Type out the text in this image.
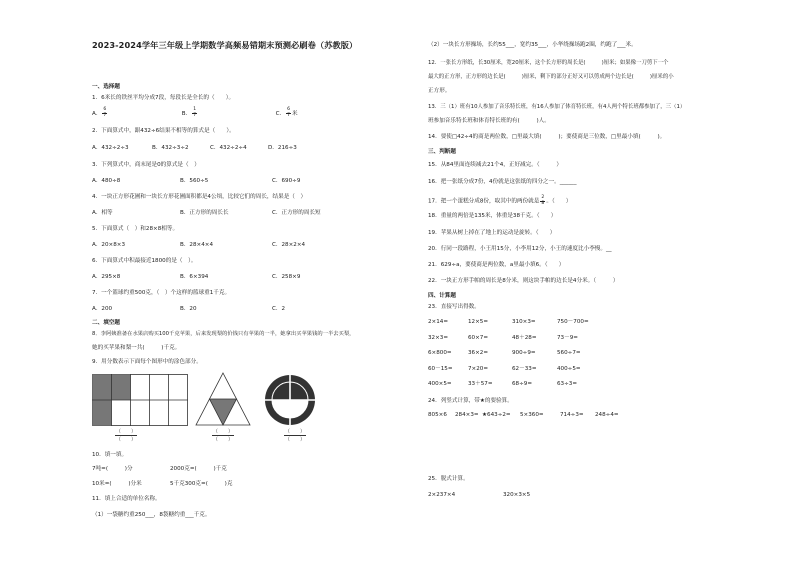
2023-2024学年三年级上学期数学高频易错期末预测必刷卷（苏教版）
一、选择题
1．6米长的铁丝平均分成7段，每段长是全长的（　　）。
A． $\frac{6}{7}$	B． $\frac{1}{7}$	C． $\frac{6}{7}$ 米
2．下面算式中，跟432÷6结果不相等的算式是（　　）。
A．432÷2÷3	B．432÷3÷2	C．432÷2÷4	D．216÷3
3．下列算式中，商末尾是0的算式是（　）
A．480÷8	B．560÷5	C．690÷9
4．一块正方形花圃和一块长方形花圃面积都是4公顷，比较它们的周长，结果是（　）
A．相等	B．正方形的周长长	C．正方形的周长短
5．下面算式（　）和28×8相等。
A．20×8×3	B．28×4×4	C．28×2×4
6．下面算式中积最接近1800的是（　）。
A．295×8	B．6×394	C．258×9
7．一个篮球约重500克，（　）个这样的篮球重1千克。
A．200	B．20	C．2
二、填空题
8．李阿姨准备在水果店购买100千克苹果，后来发现梨的价钱只有苹果的一半，她拿出买苹果钱的一半去买梨，
她的买苹果和梨一共(　　　)千克。
9．用分数表示下面每个图形中的涂色部分。
（　　）
（　　）
（　　）
（　　）
（　　）
（　　）
10．填一填。
7吨=(　　　)分	2000克=(　　　)千克
10米=(　　　)分米	5千克300克=(　　　)克
11．填上合适的单位名称。
（1）一袋糖约重250___，8袋糖约重___千克。
（2）一块长方形操场，长约55___，宽约35___，小华绕操场跑2圈，约跑了___米。
12．一张长方形纸，长30厘米，宽20厘米，这个长方形的周长是(　　　)厘米；如果像一刀剪下一个
最大的正方形，正方形的边长是(　　　)厘米，剩下的部分正好又可以剪成两个边长是(　　　)厘米的小
正方形。
13．三（1）班有10人参加了音乐特长班，有16人参加了体育特长班，有4人两个特长班都参加了，三（1）
班参加音乐特长班和体育特长班的有(　　　)人。
14．要使□42÷4的商是两位数，□里最大填(　　　)；要使商是三位数，□里最小填(　　　)。
三、判断题
15．从84里面连续减去21个4，正好减完。（　　　）
16．把一张纸分成7份，4份就是这张纸的四分之一。______
17．把一个蛋糕分成8份，取其中的两份就是 $\frac{2}{8}$ 。（　　）
18．重量的两倍是135米，体重是38千克。（　　）
19．苹果从树上掉在了地上的运动是旋转。（　　）
20．行同一段路程，小王用15分，小李用12分，小王的速度比小李慢。__
21．629÷a，要使商是两位数，a里最小填6。（　　）
22．一块正方形手帕的周长是8分米，则这块手帕的边长是4分米。（　　　）
四、计算题
23．直接写出得数。
2×14=	12×5=	310×3=	750－700=
32×3=	60×7=	48＋28=	73－9=
6×800=	36×2=	900÷9=	560÷7=
60－15=	7×20=	62－33=	400÷5=
400×5=	33＋57=	68÷9=	63÷3=
24．列竖式计算，带★的要验算。
805×6 284×3= ★643÷2= 5×360=	714÷3= 248÷4=
25．脱式计算。
2×237×4	320×3×5
